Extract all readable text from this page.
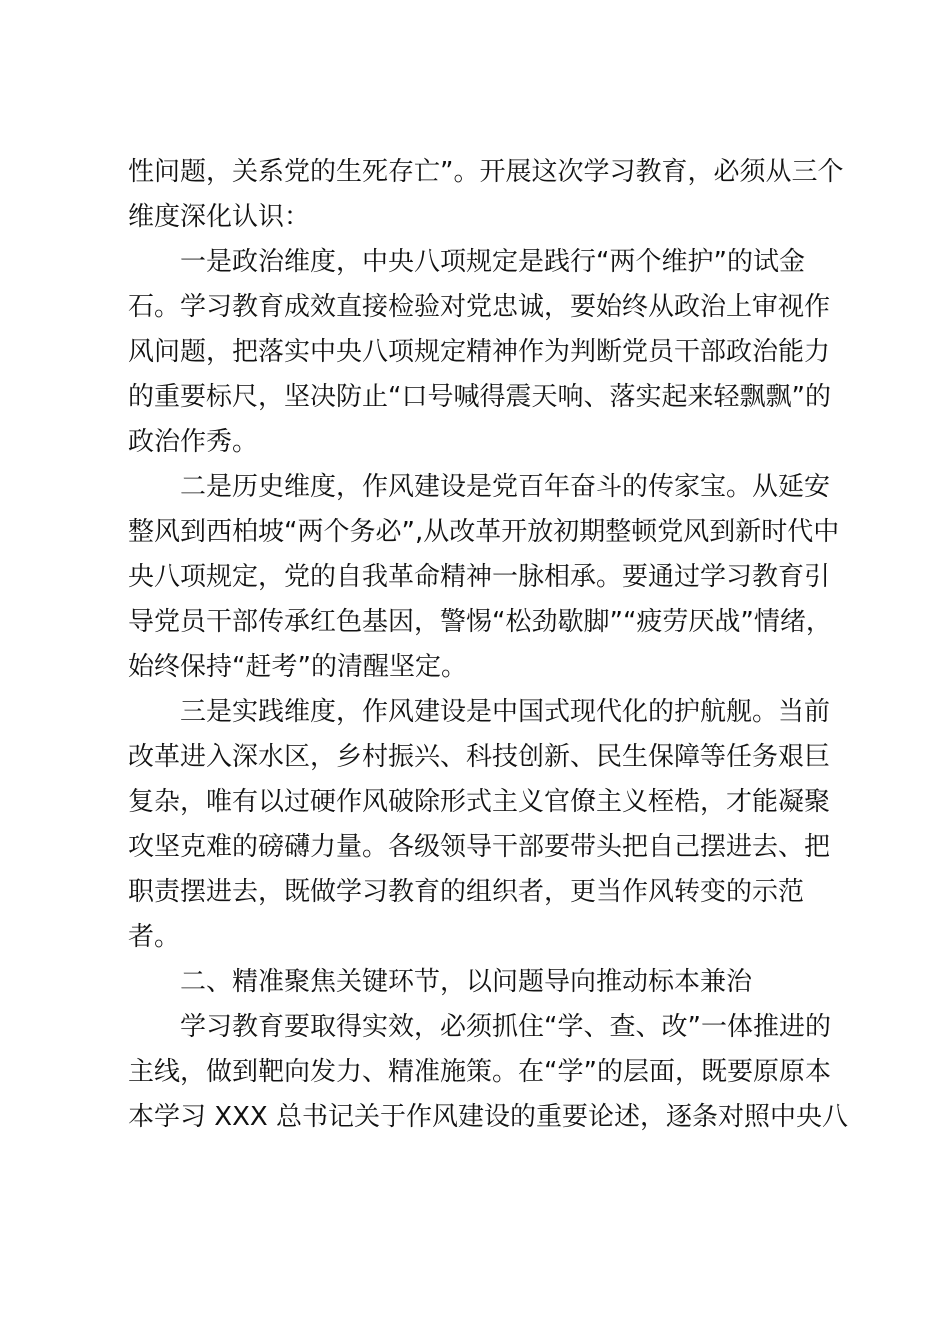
性问题，关系党的生死存亡”。开展这次学习教育，必须从三个
维度深化认识：
一是政治维度，中央八项规定是践行“两个维护”的试金
石。学习教育成效直接检验对党忠诚，要始终从政治上审视作
风问题，把落实中央八项规定精神作为判断党员干部政治能力
的重要标尺，坚决防止“口号喊得震天响、落实起来轻飘飘”的
政治作秀。
二是历史维度，作风建设是党百年奋斗的传家宝。从延安
整风到西柏坡“两个务必”,从改革开放初期整顿党风到新时代中
央八项规定，党的自我革命精神一脉相承。要通过学习教育引
导党员干部传承红色基因，警惕“松劲歇脚”“疲劳厌战”情绪，
始终保持“赶考”的清醒坚定。
三是实践维度，作风建设是中国式现代化的护航舰。当前
改革进入深水区，乡村振兴、科技创新、民生保障等任务艰巨
复杂，唯有以过硬作风破除形式主义官僚主义桎梏，才能凝聚
攻坚克难的磅礴力量。各级领导干部要带头把自己摆进去、把
职责摆进去，既做学习教育的组织者，更当作风转变的示范
者。
二、精准聚焦关键环节，以问题导向推动标本兼治
学习教育要取得实效，必须抓住“学、查、改”一体推进的
主线，做到靶向发力、精准施策。在“学”的层面，既要原原本
本学习 XXX 总书记关于作风建设的重要论述，逐条对照中央八
